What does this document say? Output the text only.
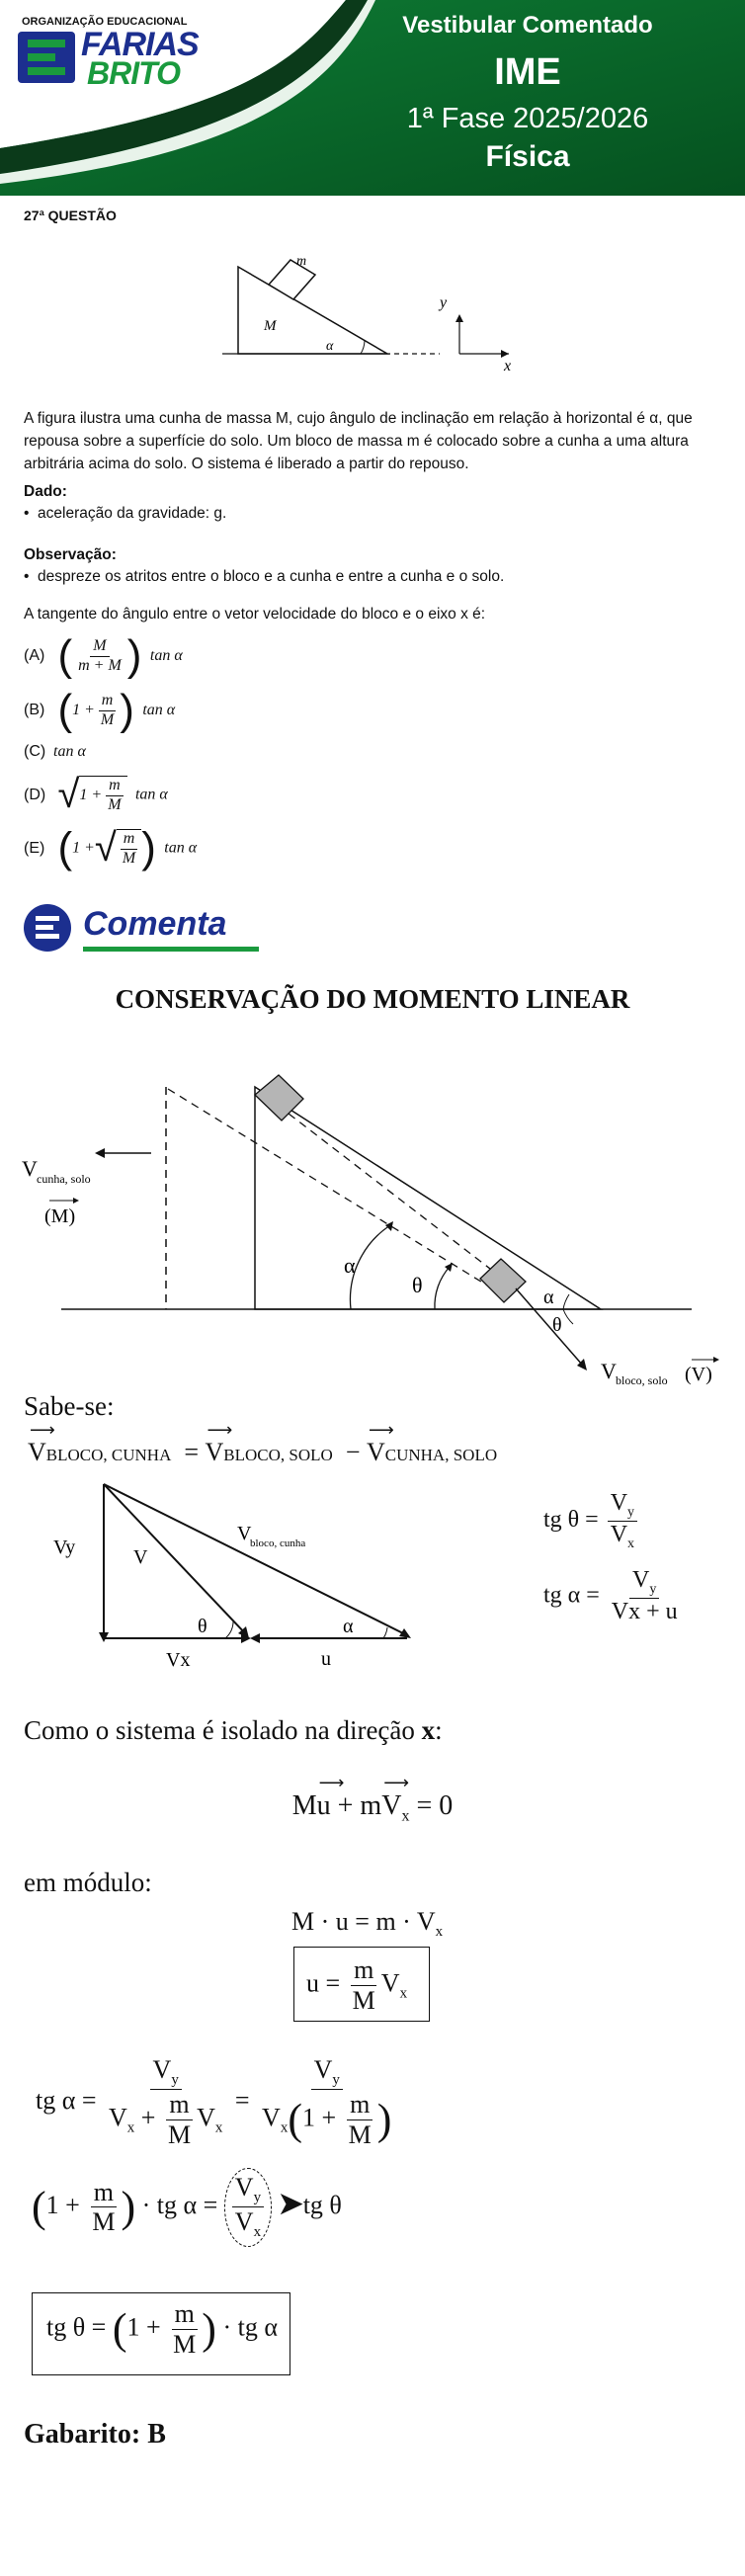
ORGANIZAÇÃO EDUCACIONAL
FARIAS
BRITO
Vestibular Comentado
IME
1ª Fase 2025/2026
Física
27ª QUESTÃO
m
M
α
y
x
A figura ilustra uma cunha de massa M, cujo ângulo de inclinação em relação à horizontal é α, que repousa sobre a superfície do solo. Um bloco de massa m é colocado sobre a cunha a uma altura arbitrária acima do solo. O sistema é liberado a partir do repouso.
Dado:
•  aceleração da gravidade: g.
Observação:
•  despreze os atritos entre o bloco e a cunha e entre a cunha e o solo.
A tangente do ângulo entre o vetor velocidade do bloco e o eixo x é:
(A) ( $\frac{M}{m + M}$ )  tan α
(B) ($1 + \frac{m}{M}$ )  tan α
(C) tan α
(D) $√1 + \frac{m}{M}$ tan α
(E) (1 +√ $\frac{m}{M}$ )  tan α
Comenta
CONSERVAÇÃO DO MOMENTO LINEAR
α
θ	α
θ
V cunha, solo
(M)
V bloco, solo (V)
Sabe-se:
⟶ VBLOCO, CUNHA  = ⟶ VBLOCO, SOLO  − ⟶ VCUNHA, SOLO
Vy	V
V
bloco, cunha
Vx	u
θ	α
tg $\theta = \frac{V_y}{V_x}$
tg $\alpha = \frac{V_y}{Vx + u}$
Como o sistema é isolado na direção x:
M⟶ u + m⟶ $V_x = 0$
em módulo:
$M \cdot u = m \cdot V_x$
$u = \frac{m}{M} V_x$
tg $\alpha = \frac{V_y}{V_x + \frac{m}{M} V_x} = \frac{V_y}{V_x(1 + \frac{m}{M} )}$
($1 + \frac{m}{M}$ ) · tg $\alpha = \frac{V_y}{V_x}$ ➤tg θ
tg $\theta = (1 + \frac{m}{M}$ ) · tg α
Gabarito: B
